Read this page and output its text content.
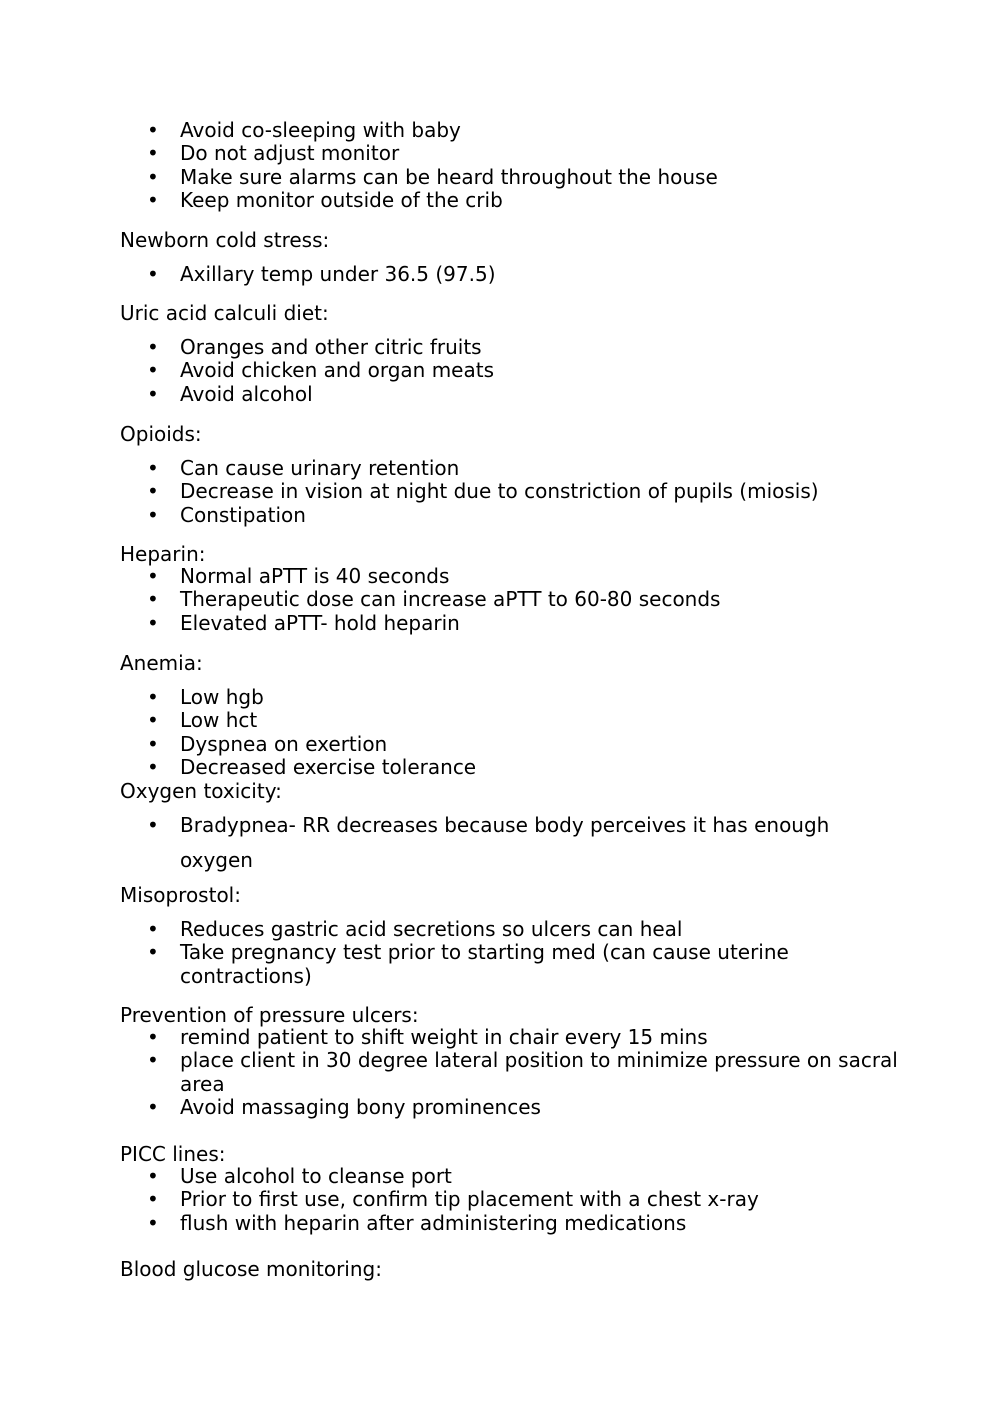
• Avoid co-sleeping with baby
• Do not adjust monitor
• Make sure alarms can be heard throughout the house
• Keep monitor outside of the crib

Newborn cold stress:

• Axillary temp under 36.5 (97.5)

Uric acid calculi diet:

• Oranges and other citric fruits
• Avoid chicken and organ meats
• Avoid alcohol

Opioids:

• Can cause urinary retention
• Decrease in vision at night due to constriction of pupils (miosis)
• Constipation

Heparin:

• Normal aPTT is 40 seconds
• Therapeutic dose can increase aPTT to 60-80 seconds
• Elevated aPTT- hold heparin

Anemia:

• Low hgb
• Low hct
• Dyspnea on exertion
• Decreased exercise tolerance

Oxygen toxicity:

• Bradypnea- RR decreases because body perceives it has enough oxygen

Misoprostol:

• Reduces gastric acid secretions so ulcers can heal
• Take pregnancy test prior to starting med (can cause uterine contractions)

Prevention of pressure ulcers:

• remind patient to shift weight in chair every 15 mins
• place client in 30 degree lateral position to minimize pressure on sacral area
• Avoid massaging bony prominences

PICC lines:

• Use alcohol to cleanse port
• Prior to first use, confirm tip placement with a chest x-ray
• flush with heparin after administering medications

Blood glucose monitoring:
